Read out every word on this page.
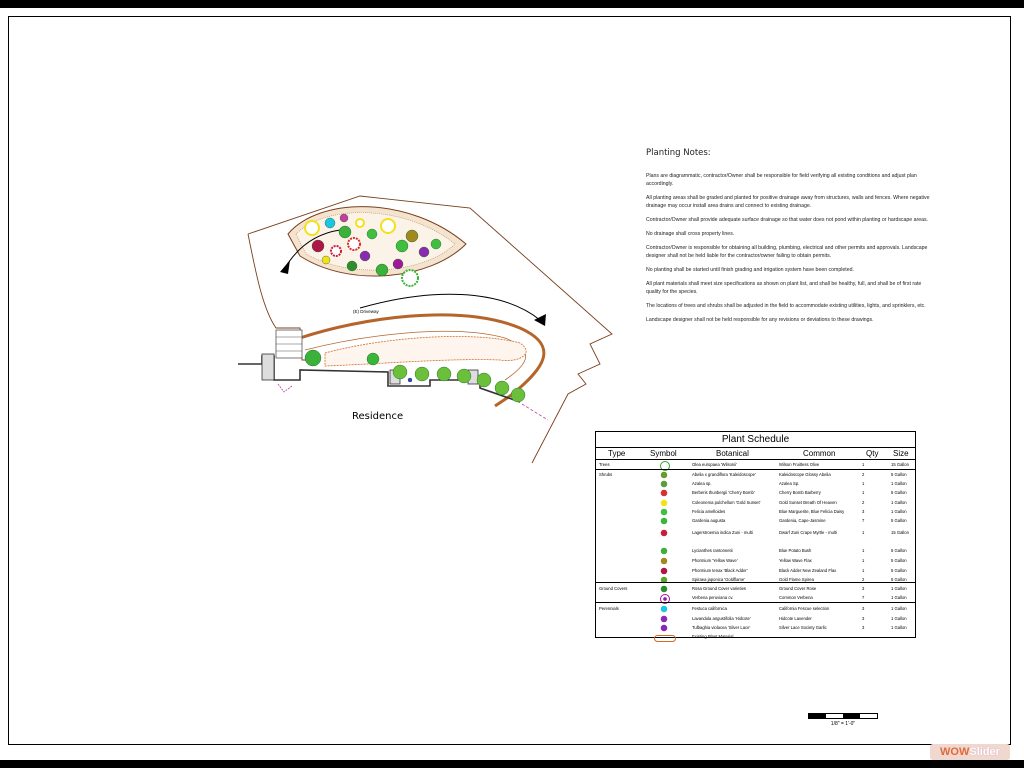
(E) Driveway
Residence
Planting Notes:

Plans are diagrammatic, contractor/Owner shall be responsible for field verifying all existing conditions and adjust plan accordingly.

All planting areas shall be graded and planted for positive drainage away from structures, walls and fences. Where negative drainage may occur install area drains and connect to existing drainage.

Contractor/Owner shall provide adequate surface drainage so that water does not pond within planting or hardscape areas.

No drainage shall cross property lines.

Contractor/Owner is responsible for obtaining all building, plumbing, electrical and other permits and approvals. Landscape designer shall not be held liable for the contractor/owner failing to obtain permits.

No planting shall be started until finish grading and irrigation system have been completed.

All plant materials shall meet size specifications as shown on plant list, and shall be healthy, full, and shall be of first rate quality for the species.

The locations of trees and shrubs shall be adjusted in the field to accommodate existing utilities, lights, and sprinklers, etc.

Landscape designer shall not be held responsible for any revisions or deviations to these drawings.

Plant Schedule
Type	Symbol	Botanical	Common	Qty Size
Trees	Olea europaea 'Wilsonii'	Wilson Fruitless Olive	1	15 Gallon
Shrubs	Abelia x grandiflora 'Kaleidoscope'	Kaleidoscope Glossy Abelia	2	5 Gallon
Azalea sp.	Azalea Sp.	1	1 Gallon
Berberis thunbergii 'Cherry Bomb'	Cherry Bomb Barberry	1	5 Gallon
Coleonema pulchellum 'Gold Sunset'	Gold Sunset Breath Of Heaven	2	1 Gallon
Felicia amelloides	Blue Marguerite, Blue Felicia Daisy	3	1 Gallon
Gardenia augusta	Gardenia, Cape-Jasmine	7	5 Gallon
Lagerstroemia indica Zuni - multi	Dwarf Zuni Crape Myrtle - multi	1	15 Gallon
Lycianthes rantonnetii	Blue Potato Bush	1	5 Gallon
Phormium 'Yellow Wave'	Yellow Wave Flax	1	5 Gallon
Phormium tenax 'Black Adder'	Black Adder New Zealand Flax	1	5 Gallon
Spiraea japonica 'Goldflame'	Gold Flame Spirea	2	5 Gallon
Ground Covers	Rosa Ground Cover varieties	Ground Cover Rose	3	1 Gallon
Verbena peruviana cv.	Common Verbena	7	1 Gallon
Perennials	Festuca californica	California Fescue selection	3	1 Gallon
Lavandula angustifolia 'Hidcote'	Hidcote Lavender	3	1 Gallon
Tulbaghia violacea 'Silver Lace'	Silver Lace Society Garlic	3	1 Gallon
Existing Plant Material
1/8" = 1'-0"
WOWSlider
